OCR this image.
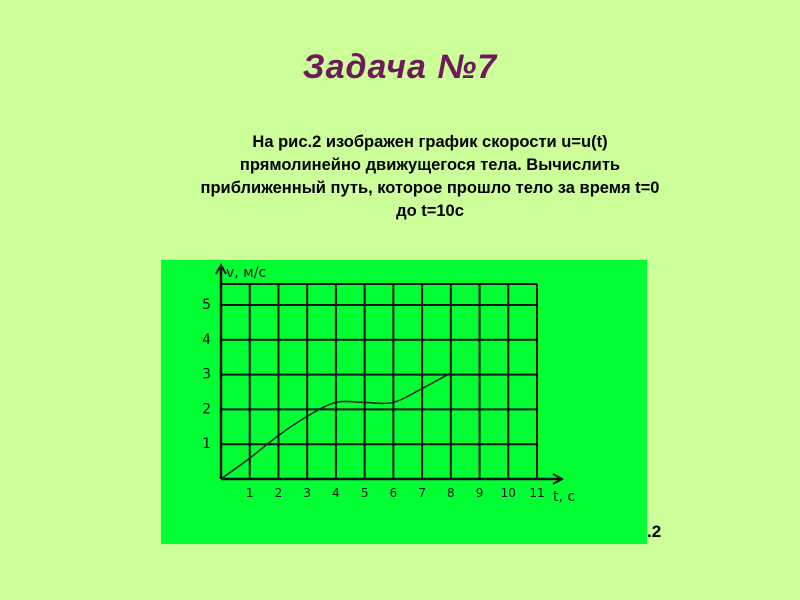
Задача №7
На рис.2 изображен график скорости u=u(t)
прямолинейно движущегося тела. Вычислить
приближенный путь, которое прошло тело за время t=0
до t=10c
v, м/с
t, c
1 2 3 4 5 6 7 8 9 10 11
1
2
3
4
5
.2
